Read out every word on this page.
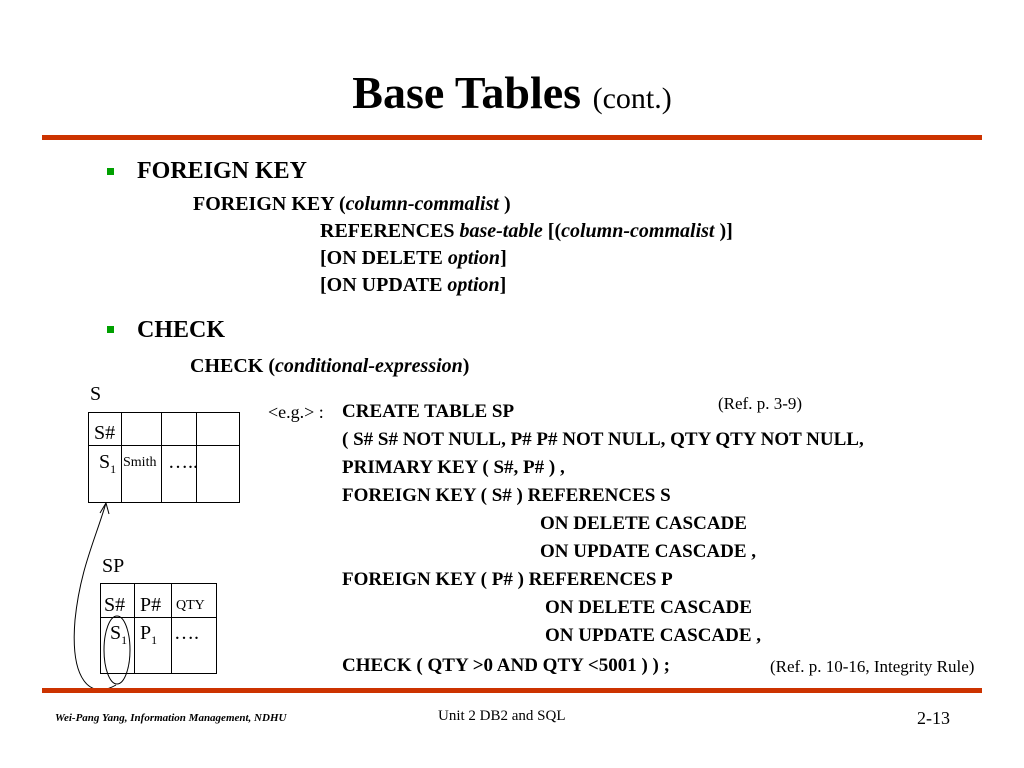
Base Tables (cont.)
FOREIGN KEY
FOREIGN KEY (column-commalist )
REFERENCES base-table [(column-commalist )]
[ON DELETE option]
[ON UPDATE option]
CHECK
CHECK (conditional-expression)
S
S#
$S_1$ Smith …..
SP
S# P# QTY
$S_1$ $P_1$ ….
<e.g.> :	(Ref. p. 3-9)
CREATE TABLE SP
( S# S# NOT NULL, P# P# NOT NULL, QTY QTY NOT NULL,
PRIMARY KEY ( S#, P# ) ,
FOREIGN KEY ( S# ) REFERENCES S
ON DELETE CASCADE
ON UPDATE CASCADE ,
FOREIGN KEY ( P# ) REFERENCES P
ON DELETE CASCADE
ON UPDATE CASCADE ,
CHECK ( QTY >0 AND QTY <5001 ) ) ;	(Ref. p. 10-16, Integrity Rule)
Wei-Pang Yang, Information Management, NDHU	Unit 2 DB2 and SQL	2-13
